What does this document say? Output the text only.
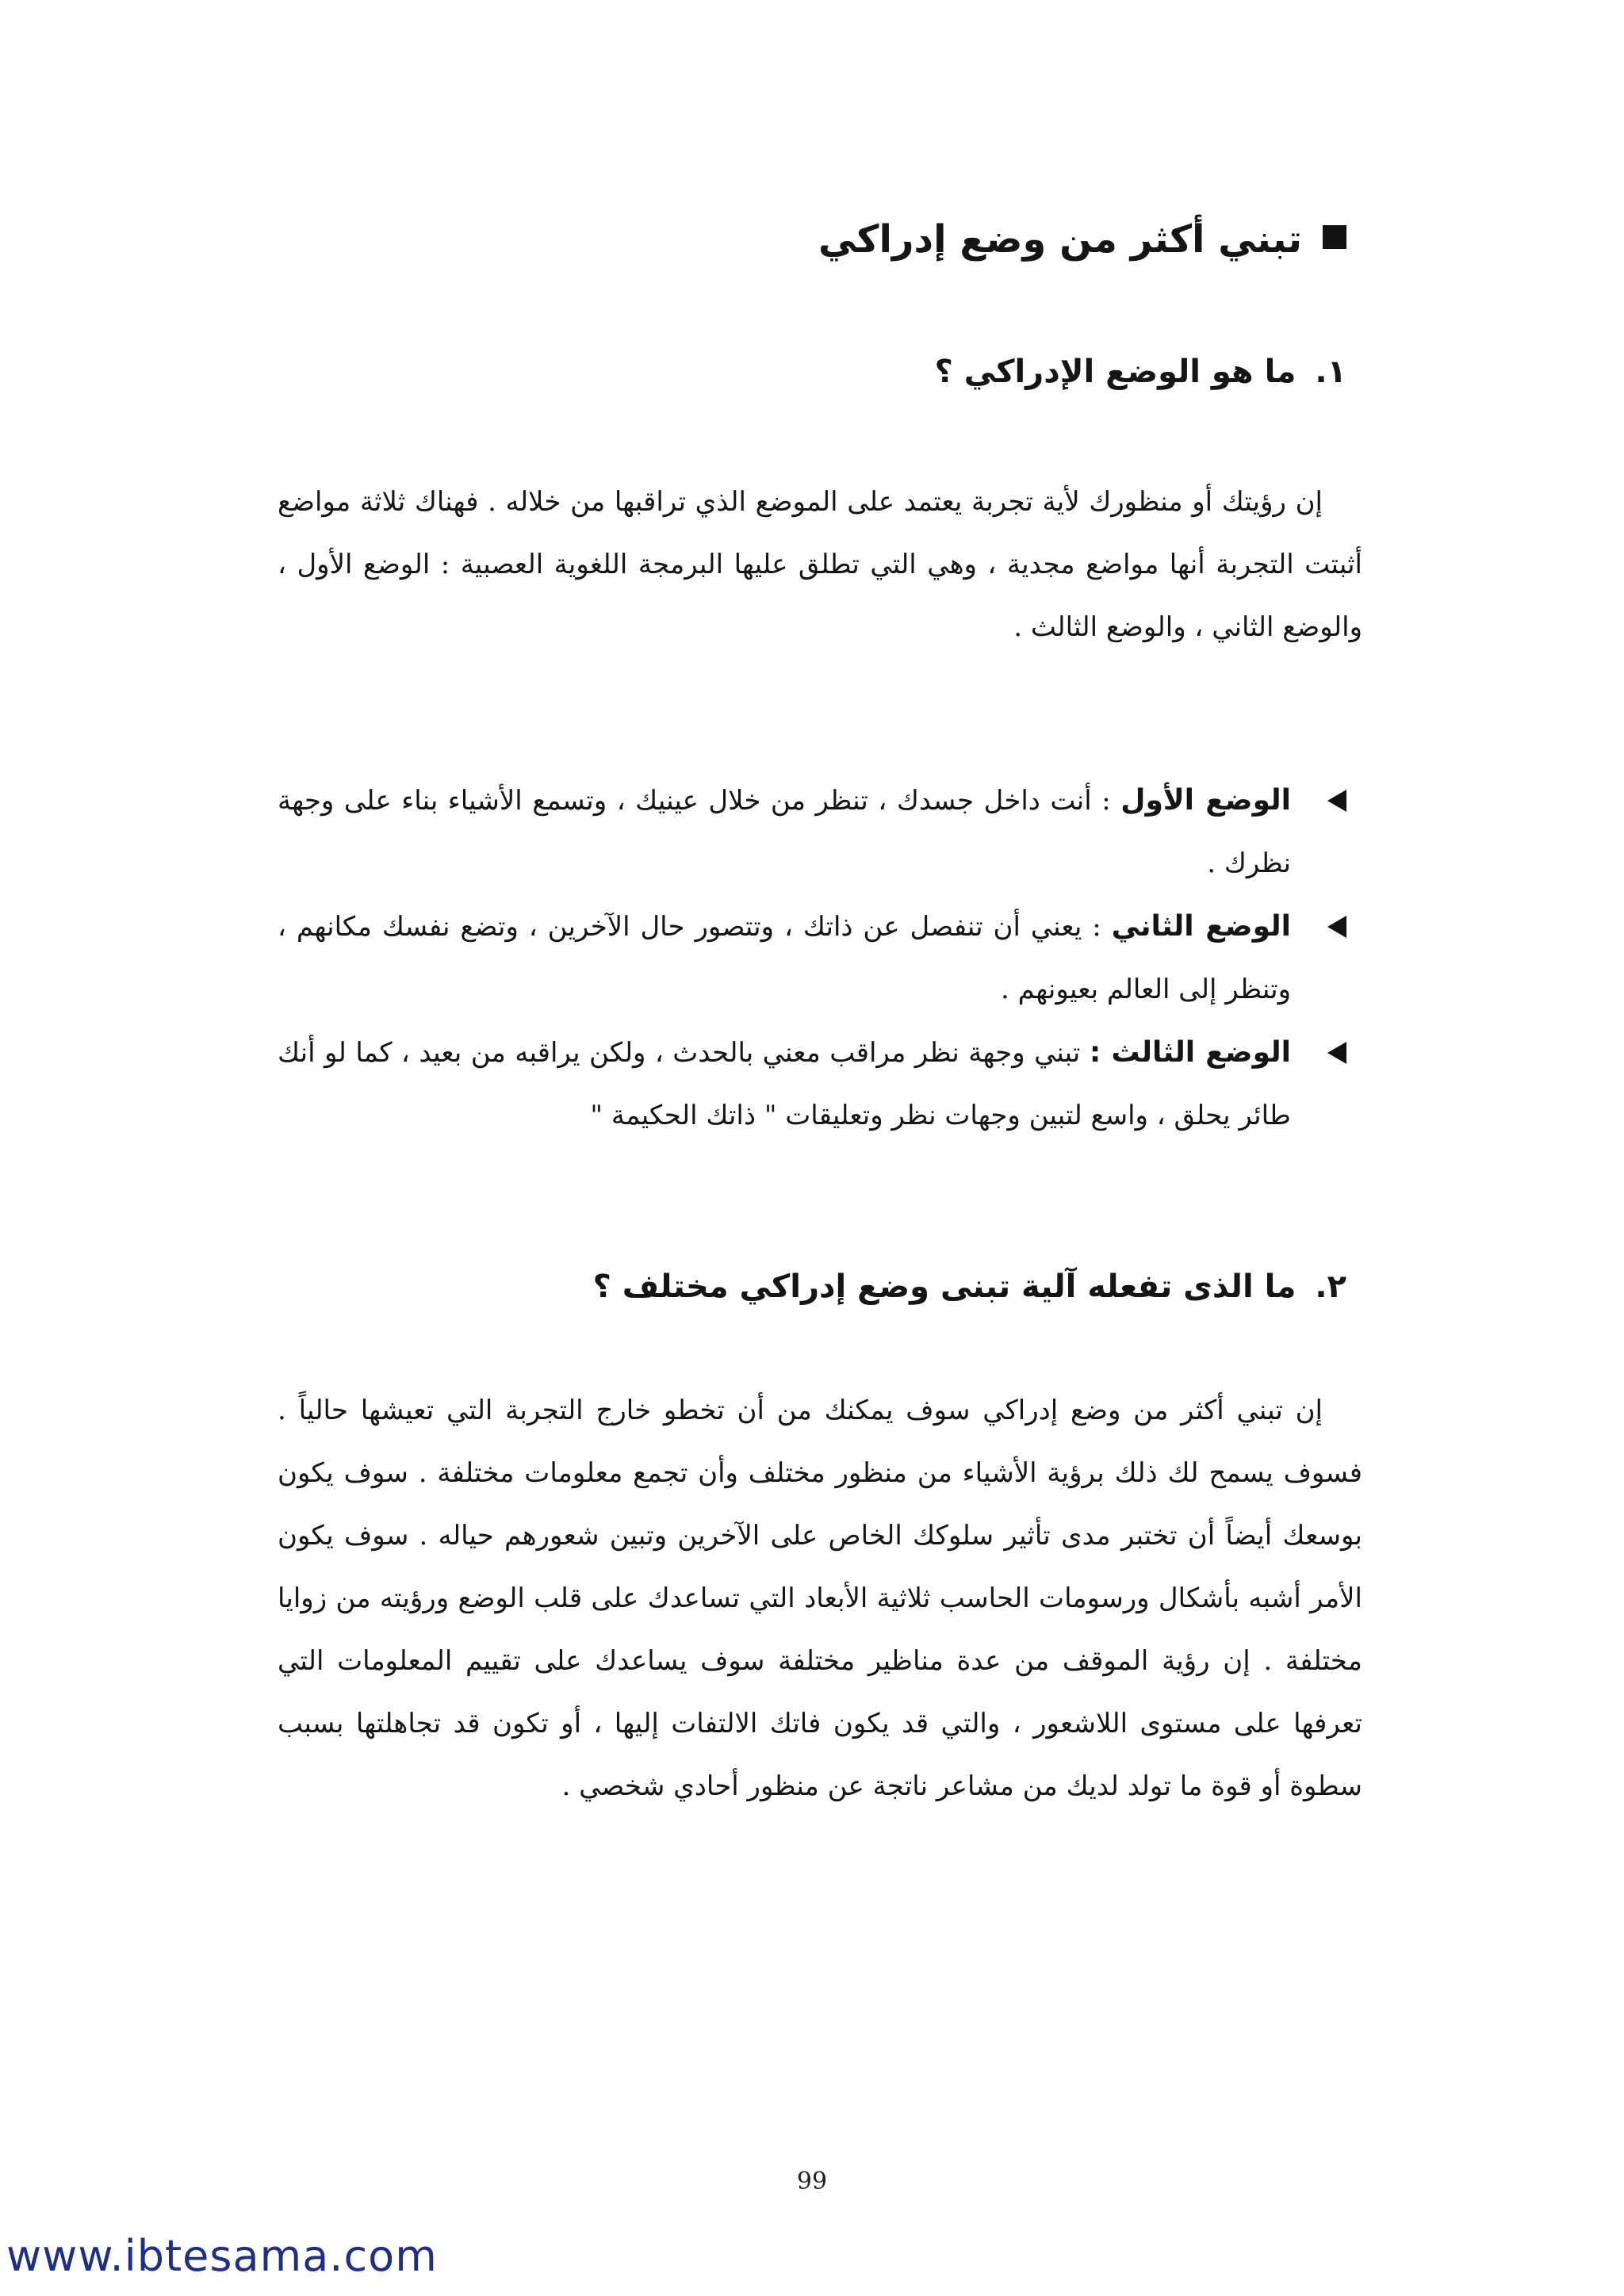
تبني أكثر من وضع إدراكي
١.ما هو الوضع الإدراكي ؟
إن رؤيتك أو منظورك لأية تجربة يعتمد على الموضع الذي تراقبها من خلاله . فهناك ثلاثة مواضع أثبتت التجربة أنها مواضع مجدية ، وهي التي تطلق عليها البرمجة اللغوية العصبية : الوضع الأول ، والوضع الثاني ، والوضع الثالث .
الوضع الأول : أنت داخل جسدك ، تنظر من خلال عينيك ، وتسمع الأشياء بناء على وجهة نظرك .
الوضع الثاني : يعني أن تنفصل عن ذاتك ، وتتصور حال الآخرين ، وتضع نفسك مكانهم ، وتنظر إلى العالم بعيونهم .
الوضع الثالث : تبني وجهة نظر مراقب معني بالحدث ، ولكن يراقبه من بعيد ، كما لو أنك طائر يحلق ، واسع لتبين وجهات نظر وتعليقات " ذاتك الحكيمة "
٢.ما الذى تفعله آلية تبنى وضع إدراكي مختلف ؟
إن تبني أكثر من وضع إدراكي سوف يمكنك من أن تخطو خارج التجربة التي تعيشها حالياً . فسوف يسمح لك ذلك برؤية الأشياء من منظور مختلف وأن تجمع معلومات مختلفة . سوف يكون بوسعك أيضاً أن تختبر مدى تأثير سلوكك الخاص على الآخرين وتبين شعورهم حياله . سوف يكون الأمر أشبه بأشكال ورسومات الحاسب ثلاثية الأبعاد التي تساعدك على قلب الوضع ورؤيته من زوايا مختلفة . إن رؤية الموقف من عدة مناظير مختلفة سوف يساعدك على تقييم المعلومات التي تعرفها على مستوى اللاشعور ، والتي قد يكون فاتك الالتفات إليها ، أو تكون قد تجاهلتها بسبب سطوة أو قوة ما تولد لديك من مشاعر ناتجة عن منظور أحادي شخصي .
99
www.ibtesama.com
